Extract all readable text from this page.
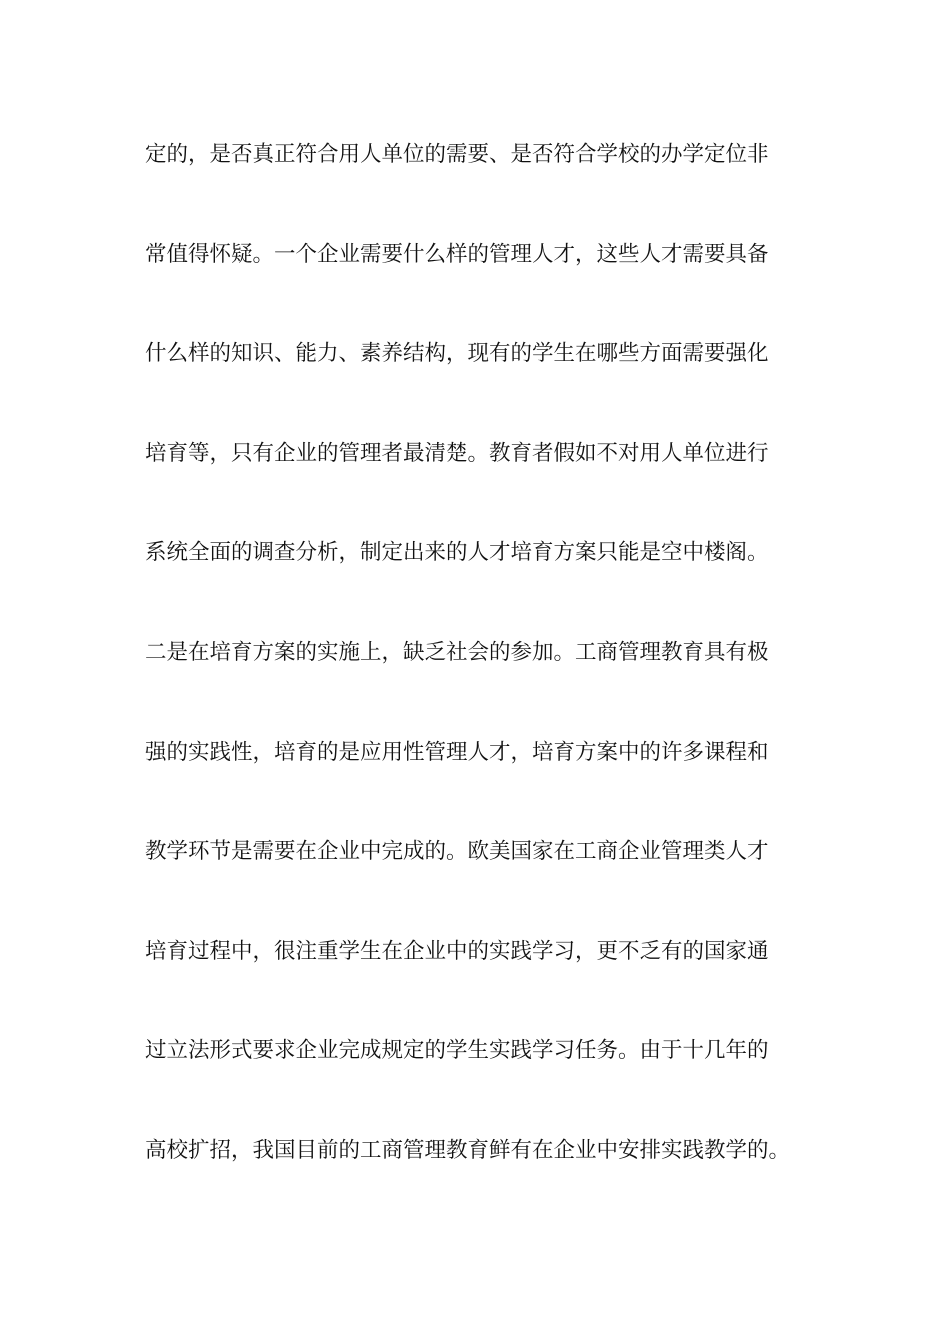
定的，是否真正符合用人单位的需要、是否符合学校的办学定位非
常值得怀疑。一个企业需要什么样的管理人才，这些人才需要具备
什么样的知识、能力、素养结构，现有的学生在哪些方面需要强化
培育等，只有企业的管理者最清楚。教育者假如不对用人单位进行
系统全面的调查分析，制定出来的人才培育方案只能是空中楼阁。
二是在培育方案的实施上，缺乏社会的参加。工商管理教育具有极
强的实践性，培育的是应用性管理人才，培育方案中的许多课程和
教学环节是需要在企业中完成的。欧美国家在工商企业管理类人才
培育过程中，很注重学生在企业中的实践学习，更不乏有的国家通
过立法形式要求企业完成规定的学生实践学习任务。由于十几年的
高校扩招，我国目前的工商管理教育鲜有在企业中安排实践教学的。
